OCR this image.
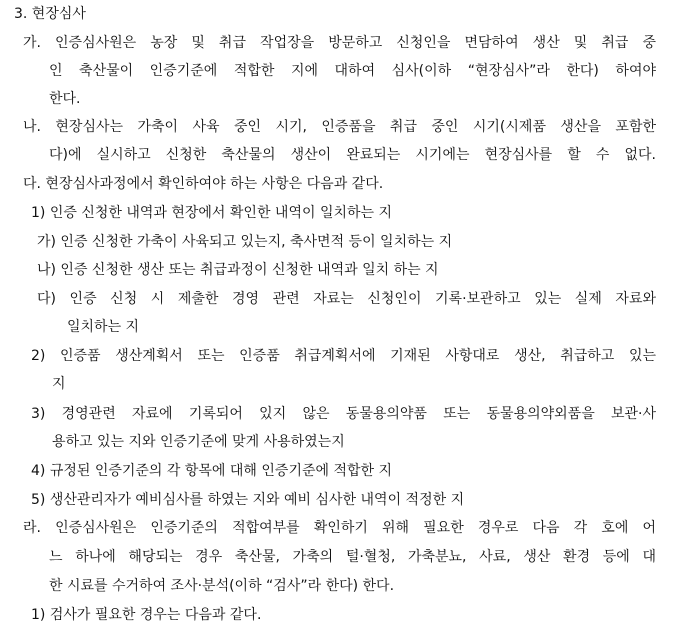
3. 현장심사
가. 인증심사원은 농장 및 취급 작업장을 방문하고 신청인을 면담하여 생산 및 취급 중
인 축산물이 인증기준에 적합한 지에 대하여 심사(이하 “현장심사”라 한다) 하여야
한다.
나. 현장심사는 가축이 사육 중인 시기, 인증품을 취급 중인 시기(시제품 생산을 포함한
다)에 실시하고 신청한 축산물의 생산이 완료되는 시기에는 현장심사를 할 수 없다.
다. 현장심사과정에서 확인하여야 하는 사항은 다음과 같다.
1) 인증 신청한 내역과 현장에서 확인한 내역이 일치하는 지
가) 인증 신청한 가축이 사육되고 있는지, 축사면적 등이 일치하는 지
나) 인증 신청한 생산 또는 취급과정이 신청한 내역과 일치 하는 지
다) 인증 신청 시 제출한 경영 관련 자료는 신청인이 기록·보관하고 있는 실제 자료와
일치하는 지
2) 인증품 생산계획서 또는 인증품 취급계획서에 기재된 사항대로 생산, 취급하고 있는
지
3) 경영관련 자료에 기록되어 있지 않은 동물용의약품 또는 동물용의약외품을 보관·사
용하고 있는 지와 인증기준에 맞게 사용하였는지
4) 규정된 인증기준의 각 항목에 대해 인증기준에 적합한 지
5) 생산관리자가 예비심사를 하였는 지와 예비 심사한 내역이 적정한 지
라. 인증심사원은 인증기준의 적합여부를 확인하기 위해 필요한 경우로 다음 각 호에 어
느 하나에 해당되는 경우 축산물, 가축의 털·혈청, 가축분뇨, 사료, 생산 환경 등에 대
한 시료를 수거하여 조사·분석(이하 “검사”라 한다) 한다.
1) 검사가 필요한 경우는 다음과 같다.
